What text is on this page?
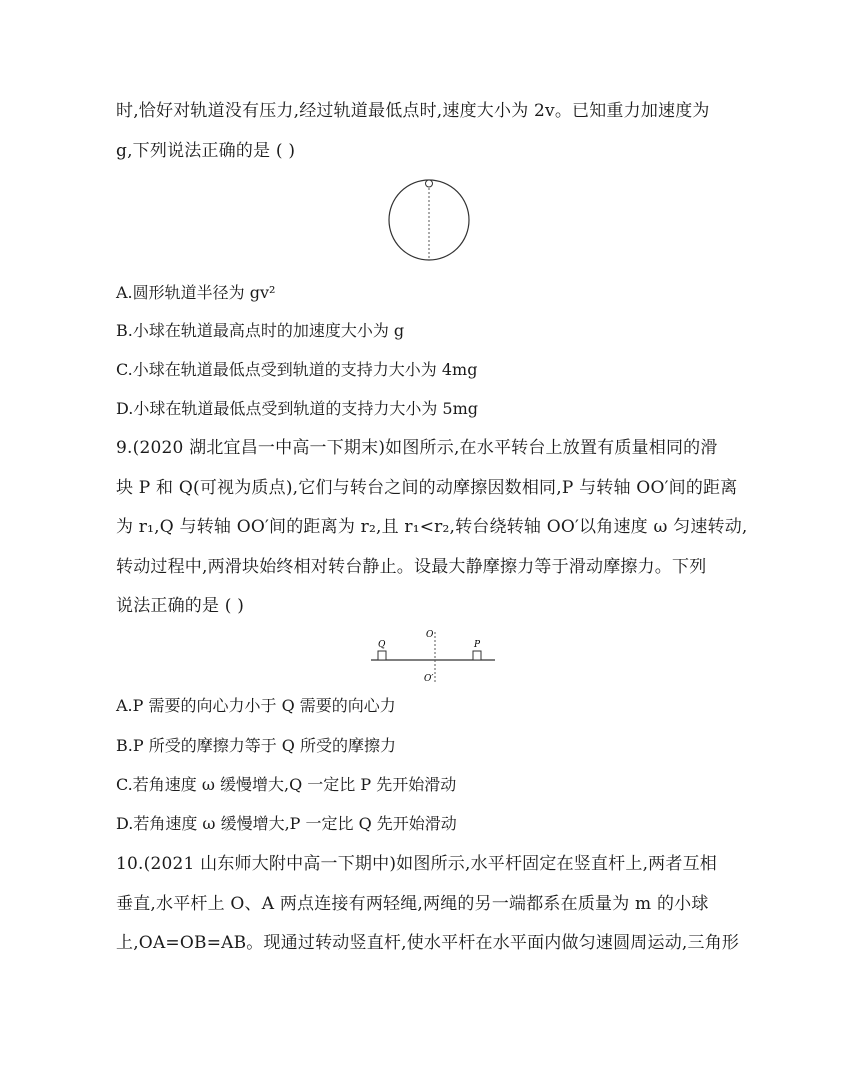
时,恰好对轨道没有压力,经过轨道最低点时,速度大小为 2v。已知重力加速度为
g,下列说法正确的是 ( )
A.圆形轨道半径为 gv²
B.小球在轨道最高点时的加速度大小为 g
C.小球在轨道最低点受到轨道的支持力大小为 4mg
D.小球在轨道最低点受到轨道的支持力大小为 5mg
9.(2020 湖北宜昌一中高一下期末)如图所示,在水平转台上放置有质量相同的滑
块 P 和 Q(可视为质点),它们与转台之间的动摩擦因数相同,P 与转轴 OO′间的距离
为 r₁,Q 与转轴 OO′间的距离为 r₂,且 r₁<r₂,转台绕转轴 OO′以角速度 ω 匀速转动,
转动过程中,两滑块始终相对转台静止。设最大静摩擦力等于滑动摩擦力。下列
说法正确的是 ( )
Q
O
P
O′
A.P 需要的向心力小于 Q 需要的向心力
B.P 所受的摩擦力等于 Q 所受的摩擦力
C.若角速度 ω 缓慢增大,Q 一定比 P 先开始滑动
D.若角速度 ω 缓慢增大,P 一定比 Q 先开始滑动
10.(2021 山东师大附中高一下期中)如图所示,水平杆固定在竖直杆上,两者互相
垂直,水平杆上 O、A 两点连接有两轻绳,两绳的另一端都系在质量为 m 的小球
上,OA=OB=AB。现通过转动竖直杆,使水平杆在水平面内做匀速圆周运动,三角形
